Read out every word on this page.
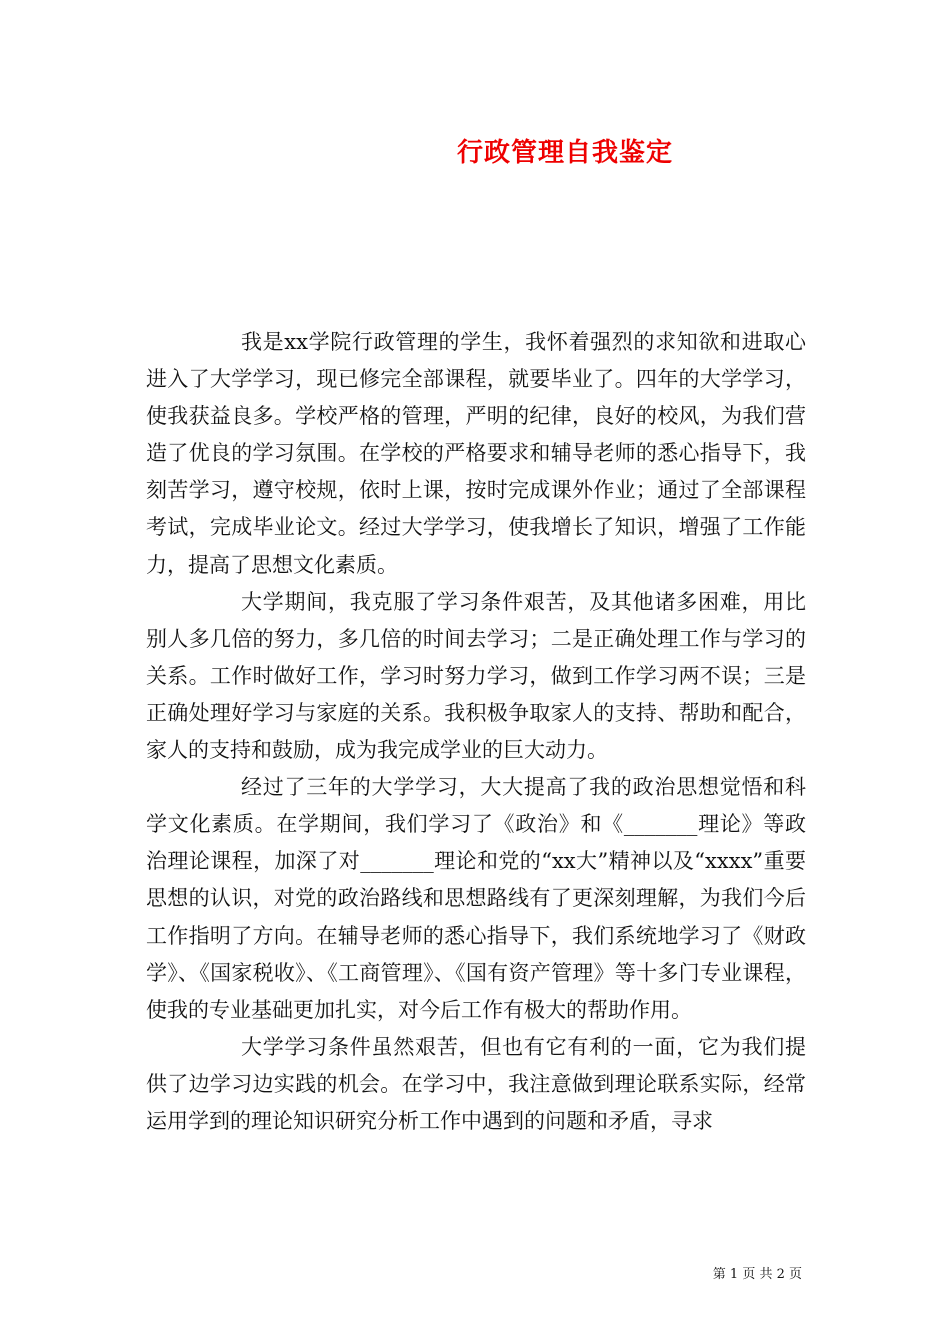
行政管理自我鉴定

我是xx学院行政管理的学生，我怀着强烈的求知欲和进取心进入了大学学习，现已修完全部课程，就要毕业了。四年的大学学习，使我获益良多。学校严格的管理，严明的纪律，良好的校风，为我们营造了优良的学习氛围。在学校的严格要求和辅导老师的悉心指导下，我刻苦学习，遵守校规，依时上课，按时完成课外作业；通过了全部课程考试，完成毕业论文。经过大学学习，使我增长了知识，增强了工作能力，提高了思想文化素质。

大学期间，我克服了学习条件艰苦，及其他诸多困难，用比别人多几倍的努力，多几倍的时间去学习；二是正确处理工作与学习的关系。工作时做好工作，学习时努力学习，做到工作学习两不误；三是正确处理好学习与家庭的关系。我积极争取家人的支持、帮助和配合，家人的支持和鼓励，成为我完成学业的巨大动力。

经过了三年的大学学习，大大提高了我的政治思想觉悟和科学文化素质。在学期间，我们学习了《政治》和《_______理论》等政治理论课程，加深了对_______理论和党的“xx大”精神以及“xxxx”重要思想的认识，对党的政治路线和思想路线有了更深刻理解，为我们今后工作指明了方向。在辅导老师的悉心指导下，我们系统地学习了《财政学》、《国家税收》、《工商管理》、《国有资产管理》等十多门专业课程，使我的专业基础更加扎实，对今后工作有极大的帮助作用。

大学学习条件虽然艰苦，但也有它有利的一面，它为我们提供了边学习边实践的机会。在学习中，我注意做到理论联系实际，经常运用学到的理论知识研究分析工作中遇到的问题和矛盾，寻求

第 1 页 共 2 页
